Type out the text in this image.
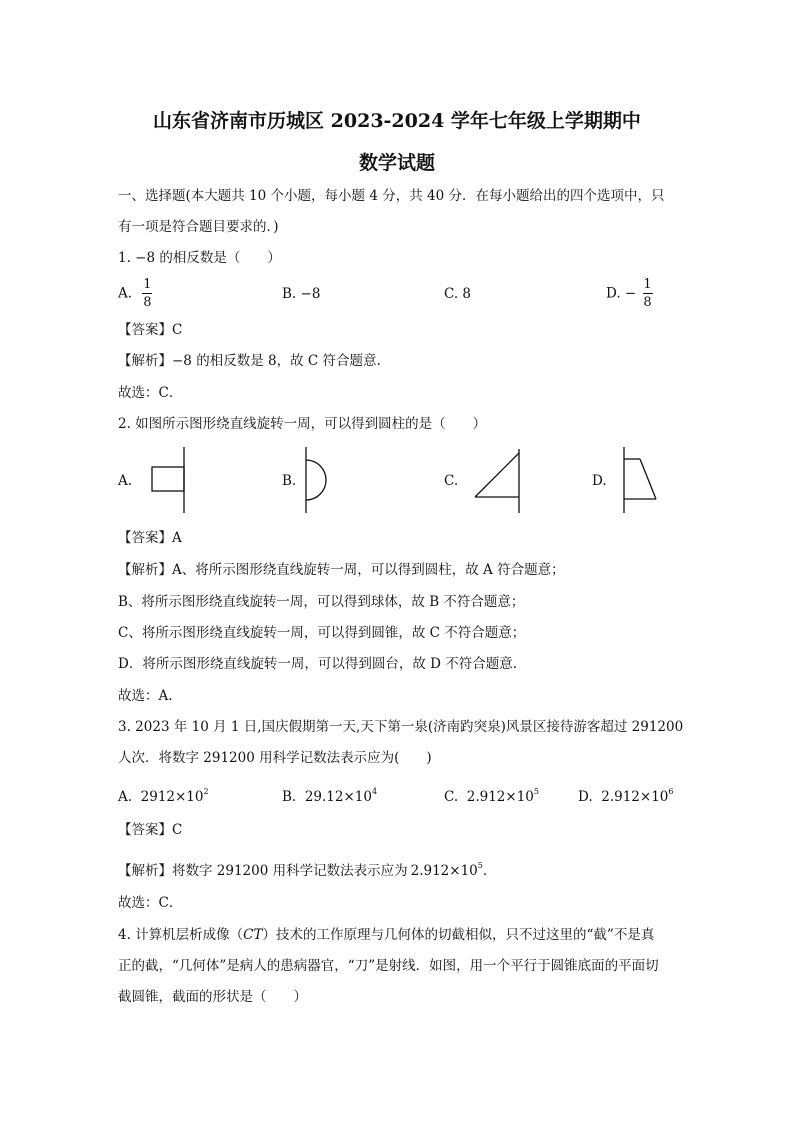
山东省济南市历城区 2023-2024 学年七年级上学期期中
数学试题
一、选择题(本大题共 10 个小题，每小题 4 分，共 40 分．在每小题给出的四个选项中，只
有一项是符合题目要求的．)
1. −8 的相反数是（　　）
A. $\frac{1}{8}$	B. −8	C. 8	D. − $\frac{1}{8}$
【答案】C
【解析】−8 的相反数是 8，故 C 符合题意.
故选：C．
2. 如图所示图形绕直线旋转一周，可以得到圆柱的是（　　）
A.	B.	C.	D.
【答案】A
【解析】A、将所示图形绕直线旋转一周，可以得到圆柱，故 A 符合题意；
B、将所示图形绕直线旋转一周，可以得到球体，故 B 不符合题意；
C、将所示图形绕直线旋转一周，可以得到圆锥，故 C 不符合题意；
D．将所示图形绕直线旋转一周，可以得到圆台，故 D 不符合题意.
故选：A.
3. 2023 年 10 月 1 日,国庆假期第一天,天下第一泉(济南趵突泉)风景区接待游客超过 291200
人次．将数字 291200 用科学记数法表示应为(　　)
A. $2912\times 10^2$	B. $29.12\times 10^4$	C. $2.912\times 10^5$	D. $2.912\times 10^6$
【答案】C
【解析】将数字 291200 用科学记数法表示应为 $2.912\times 10^5$．
故选：C．
4. 计算机层析成像（CT）技术的工作原理与几何体的切截相似，只不过这里的“截”不是真
正的截，“几何体”是病人的患病器官，“刀”是射线．如图，用一个平行于圆锥底面的平面切
截圆锥，截面的形状是（　　）
